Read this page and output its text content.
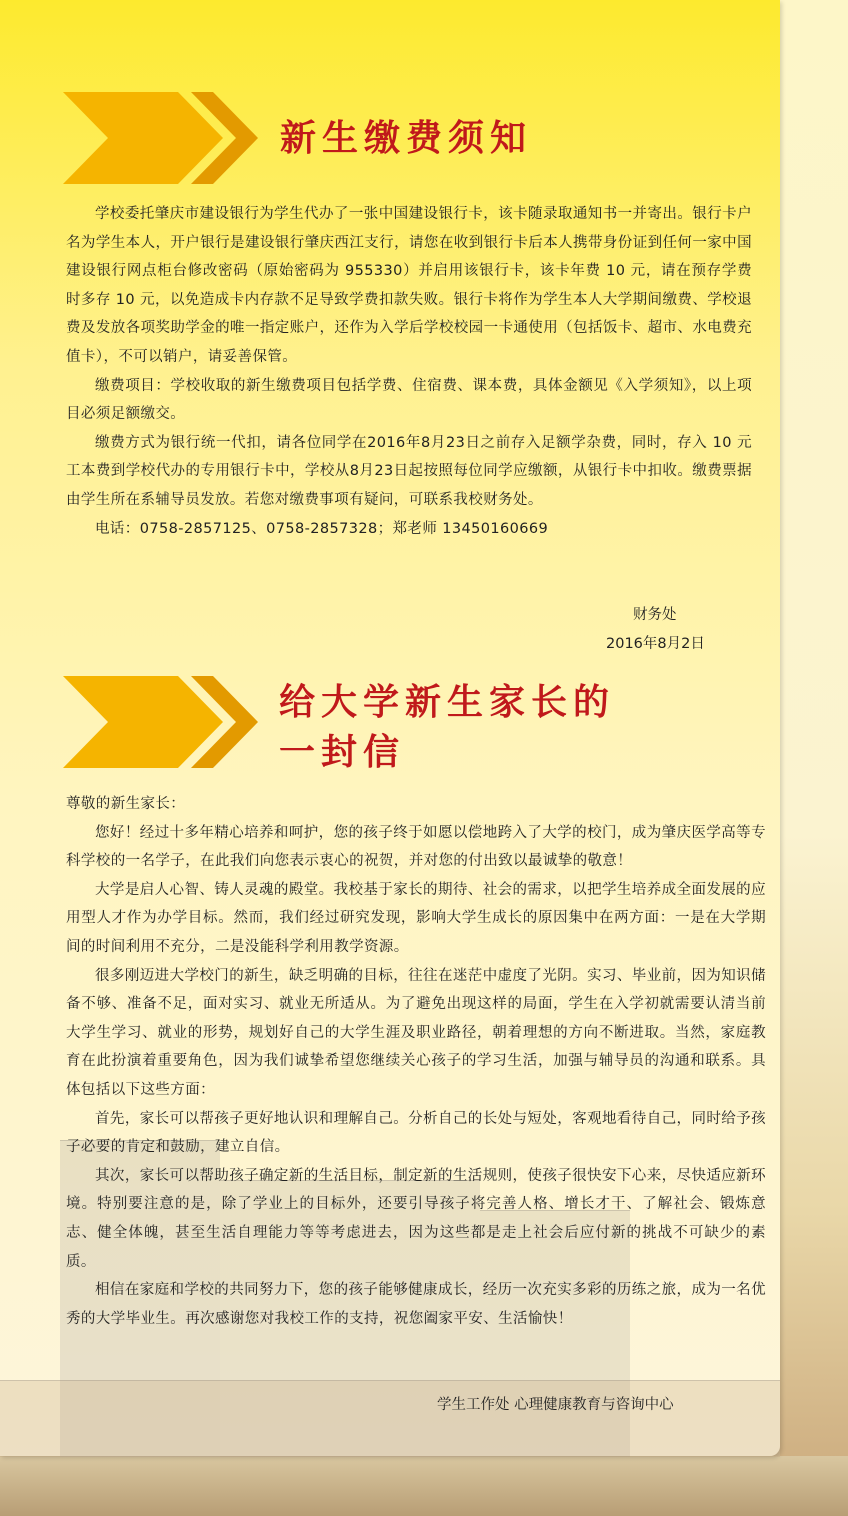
新生缴费须知

学校委托肇庆市建设银行为学生代办了一张中国建设银行卡，该卡随录取通知书一并寄出。银行卡户名为学生本人，开户银行是建设银行肇庆西江支行，请您在收到银行卡后本人携带身份证到任何一家中国建设银行网点柜台修改密码（原始密码为 955330）并启用该银行卡，该卡年费 10 元，请在预存学费时多存 10 元，以免造成卡内存款不足导致学费扣款失败。银行卡将作为学生本人大学期间缴费、学校退费及发放各项奖助学金的唯一指定账户，还作为入学后学校校园一卡通使用（包括饭卡、超市、水电费充值卡），不可以销户，请妥善保管。

缴费项目：学校收取的新生缴费项目包括学费、住宿费、课本费，具体金额见《入学须知》，以上项目必须足额缴交。

缴费方式为银行统一代扣，请各位同学在2016年8月23日之前存入足额学杂费，同时，存入 10 元工本费到学校代办的专用银行卡中，学校从8月23日起按照每位同学应缴额，从银行卡中扣收。缴费票据由学生所在系辅导员发放。若您对缴费事项有疑问，可联系我校财务处。

电话：0758-2857125、0758-2857328；郑老师 13450160669

财务处
2016年8月2日
给大学新生家长的
一封信

尊敬的新生家长：

您好！经过十多年精心培养和呵护，您的孩子终于如愿以偿地跨入了大学的校门，成为肇庆医学高等专科学校的一名学子，在此我们向您表示衷心的祝贺，并对您的付出致以最诚挚的敬意！

大学是启人心智、铸人灵魂的殿堂。我校基于家长的期待、社会的需求，以把学生培养成全面发展的应用型人才作为办学目标。然而，我们经过研究发现，影响大学生成长的原因集中在两方面：一是在大学期间的时间利用不充分，二是没能科学利用教学资源。

很多刚迈进大学校门的新生，缺乏明确的目标，往往在迷茫中虚度了光阴。实习、毕业前，因为知识储备不够、准备不足，面对实习、就业无所适从。为了避免出现这样的局面，学生在入学初就需要认清当前大学生学习、就业的形势，规划好自己的大学生涯及职业路径，朝着理想的方向不断进取。当然，家庭教育在此扮演着重要角色，因为我们诚挚希望您继续关心孩子的学习生活，加强与辅导员的沟通和联系。具体包括以下这些方面：

首先，家长可以帮孩子更好地认识和理解自己。分析自己的长处与短处，客观地看待自己，同时给予孩子必要的肯定和鼓励，建立自信。

其次，家长可以帮助孩子确定新的生活目标，制定新的生活规则，使孩子很快安下心来，尽快适应新环境。特别要注意的是，除了学业上的目标外，还要引导孩子将完善人格、增长才干、了解社会、锻炼意志、健全体魄，甚至生活自理能力等等考虑进去，因为这些都是走上社会后应付新的挑战不可缺少的素质。

相信在家庭和学校的共同努力下，您的孩子能够健康成长，经历一次充实多彩的历练之旅，成为一名优秀的大学毕业生。再次感谢您对我校工作的支持，祝您阖家平安、生活愉快！

学生工作处 心理健康教育与咨询中心
